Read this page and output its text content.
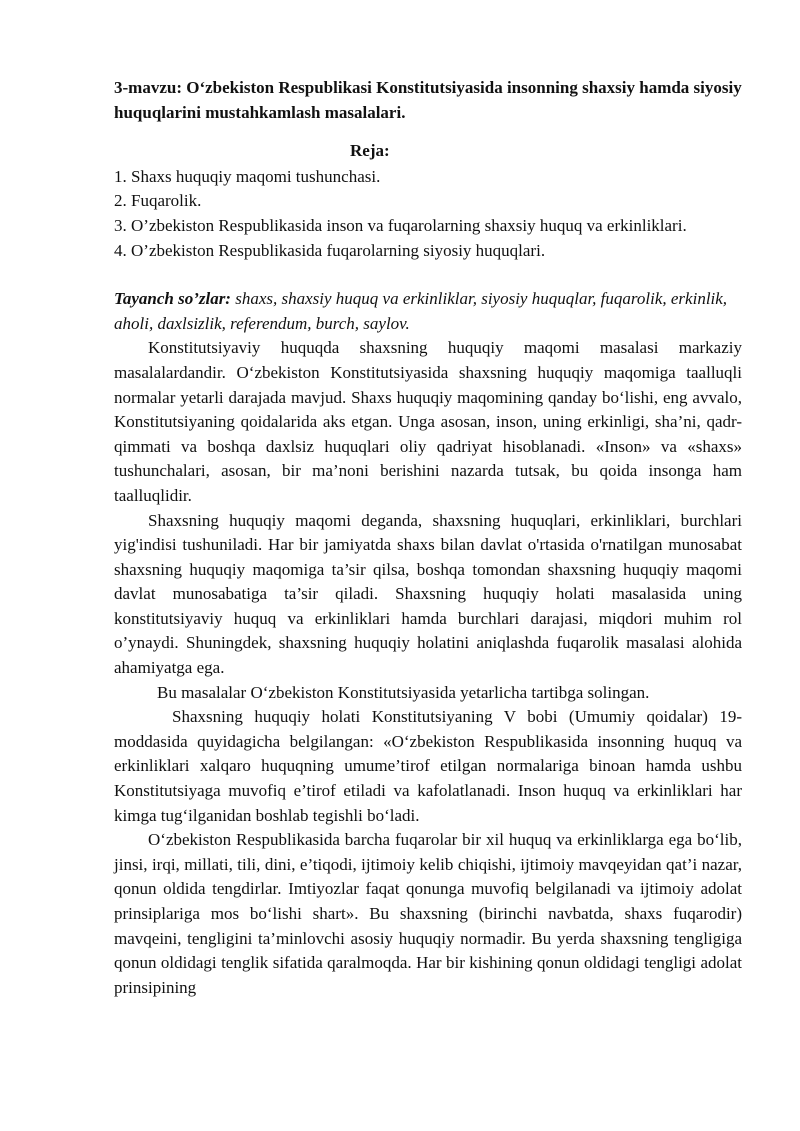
3-mavzu: O‘zbekiston Respublikasi Konstitutsiyasida insonning shaxsiy hamda siyosiy huquqlarini mustahkamlash masalalari.

Reja:

1. Shaxs huquqiy maqomi tushunchasi.

2. Fuqarolik.

3. O’zbekiston Respublikasida inson va fuqarolarning shaxsiy huquq va erkinliklari.

4. O’zbekiston Respublikasida fuqarolarning siyosiy huquqlari.

Tayanch so’zlar: shaxs, shaxsiy huquq va erkinliklar, siyosiy huquqlar, fuqarolik, erkinlik, aholi, daxlsizlik, referendum, burch, saylov.

Konstitutsiyaviy huquqda shaxsning huquqiy maqomi masalasi markaziy masalalardandir. O‘zbekiston Konstitutsiyasida shaxsning huquqiy maqomiga taalluqli normalar yetarli darajada mavjud. Shaxs huquqiy maqomining qanday bo‘lishi, eng avvalo, Konstitutsiyaning qoidalarida aks etgan. Unga asosan, inson, uning erkinligi, sha’ni, qadr-qimmati va boshqa daxlsiz huquqlari oliy qadriyat hisoblanadi. «Inson» va «shaxs» tushunchalari, asosan, bir ma’noni berishini nazarda tutsak, bu qoida insonga ham taalluqlidir.

Shaxsning huquqiy maqomi deganda, shaxsning huquqlari, erkinliklari, burchlari yig'indisi tushuniladi. Har bir jamiyatda shaxs bilan davlat o'rtasida o'rnatilgan munosabat shaxsning huquqiy maqomiga ta’sir qilsa, boshqa tomondan shaxsning huquqiy maqomi davlat munosabatiga ta’sir qiladi. Shaxsning huquqiy holati masalasida uning konstitutsiyaviy huquq va erkinliklari hamda burchlari darajasi, miqdori muhim rol o’ynaydi. Shuningdek, shaxsning huquqiy holatini aniqlashda fuqarolik masalasi alohida ahamiyatga ega.

Bu masalalar O‘zbekiston Konstitutsiyasida yetarlicha tartibga solingan.

Shaxsning huquqiy holati Konstitutsiyaning V bobi (Umumiy qoidalar) 19-moddasida quyidagicha belgilangan: «O‘zbekiston Respublikasida insonning huquq va erkinliklari xalqaro huquqning umume’tirof etilgan normalariga binoan hamda ushbu Konstitutsiyaga muvofiq e’tirof etiladi va kafolatlanadi. Inson huquq va erkinliklari har kimga tug‘ilganidan boshlab tegishli bo‘ladi.

O‘zbekiston Respublikasida barcha fuqarolar bir xil huquq va erkinliklarga ega bo‘lib, jinsi, irqi, millati, tili, dini, e’tiqodi, ijtimoiy kelib chiqishi, ijtimoiy mavqeyidan qat’i nazar, qonun oldida tengdirlar. Imtiyozlar faqat qonunga muvofiq belgilanadi va ijtimoiy adolat prinsiplariga mos bo‘lishi shart». Bu shaxsning (birinchi navbatda, shaxs fuqarodir) mavqeini, tengligini ta’minlovchi asosiy huquqiy normadir. Bu yerda shaxsning tengligiga qonun oldidagi tenglik sifatida qaralmoqda. Har bir kishining qonun oldidagi tengligi adolat prinsipining
